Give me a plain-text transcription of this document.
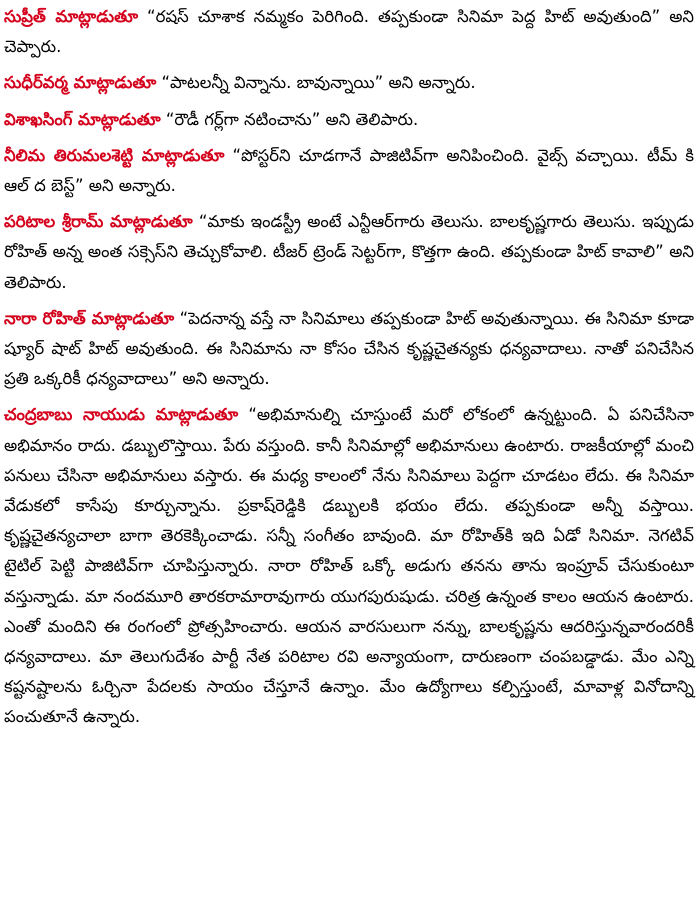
సుప్రీత్‌ మాట్లాడుతూ “రషస్‌ చూశాక నమ్మకం పెరిగింది. తప్పకుండా సినిమా పెద్ద హిట్‌ అవుతుంది” అని చెప్పారు.

సుధీర్‌వర్మ మాట్లాడుతూ “పాటలన్నీ విన్నాను. బావున్నాయి” అని అన్నారు.

విశాఖసింగ్‌ మాట్లాడుతూ “రౌడీ గర్ల్‌గా నటించాను” అని తెలిపారు.

నీలిమ తిరుమలశెట్టి మాట్లాడుతూ “పోస్టర్‌ని చూడగానే పాజిటివ్‌గా అనిపించింది. వైబ్స్‌ వచ్చాయి. టీమ్‌ కి ఆల్‌ ద బెస్ట్‌” అని అన్నారు.

పరిటాల శ్రీరామ్‌ మాట్లాడుతూ “మాకు ఇండస్ట్రీ అంటే ఎన్టీఆర్‌గారు తెలుసు. బాలకృష్ణగారు తెలుసు. ఇప్పుడు రోహిత్‌ అన్న అంత సక్సెస్‌ని తెచ్చుకోవాలి. టీజర్‌ ట్రెండ్‌ సెట్టర్‌గా, కొత్తగా ఉంది. తప్పకుండా హిట్‌ కావాలి” అని తెలిపారు.

నారా రోహిత్‌ మాట్లాడుతూ “పెదనాన్న వస్తే నా సినిమాలు తప్పకుండా హిట్‌ అవుతున్నాయి. ఈ సినిమా కూడా ష్యూర్‌ షాట్‌ హిట్‌ అవుతుంది. ఈ సినిమాను నా కోసం చేసిన కృష్ణచైతన్యకు ధన్యవాదాలు. నాతో పనిచేసిన ప్రతి ఒక్కరికీ ధన్యవాదాలు” అని అన్నారు.

చంద్రబాబు నాయుడు మాట్లాడుతూ “అభిమానుల్ని చూస్తుంటే మరో లోకంలో ఉన్నట్టుంది. ఏ పనిచేసినా అభిమానం రాదు. డబ్బులొస్తాయి. పేరు వస్తుంది. కానీ సినిమాల్లో అభిమానులు ఉంటారు. రాజకీయాల్లో మంచి పనులు చేసినా అభిమానులు వస్తారు. ఈ మధ్య కాలంలో నేను సినిమాలు పెద్దగా చూడటం లేదు. ఈ సినిమా వేడుకలో కాసేపు కూర్చున్నాను. ప్రకాష్‌రెడ్డికి డబ్బులకి భయం లేదు. తప్పకుండా అన్నీ వస్తాయి. కృష్ణచైతన్యచాలా బాగా తెరకెక్కించాడు. సన్నీ సంగీతం బావుంది. మా రోహిత్‌కి ఇది ఏడో సినిమా. నెగటివ్‌ టైటిల్‌ పెట్టి పాజిటివ్‌గా చూపిస్తున్నారు. నారా రోహిత్‌ ఒక్కో అడుగు తనను తాను ఇంప్రూవ్‌ చేసుకుంటూ వస్తున్నాడు. మా నందమూరి తారకరామారావుగారు యుగపురుషుడు. చరిత్ర ఉన్నంత కాలం ఆయన ఉంటారు. ఎంతో మందిని ఈ రంగంలో ప్రోత్సహించారు. ఆయన వారసులుగా నన్ను, బాలకృష్ణను ఆదరిస్తున్నవారందరికీ ధన్యవాదాలు. మా తెలుగుదేశం పార్టీ నేత పరిటాల రవి అన్యాయంగా, దారుణంగా చంపబడ్డాడు. మేం ఎన్ని కష్టనష్టాలను ఓర్చినా పేదలకు సాయం చేస్తూనే ఉన్నాం. మేం ఉద్యోగాలు కల్పిస్తుంటే, మావాళ్ల వినోదాన్ని పంచుతూనే ఉన్నారు.
